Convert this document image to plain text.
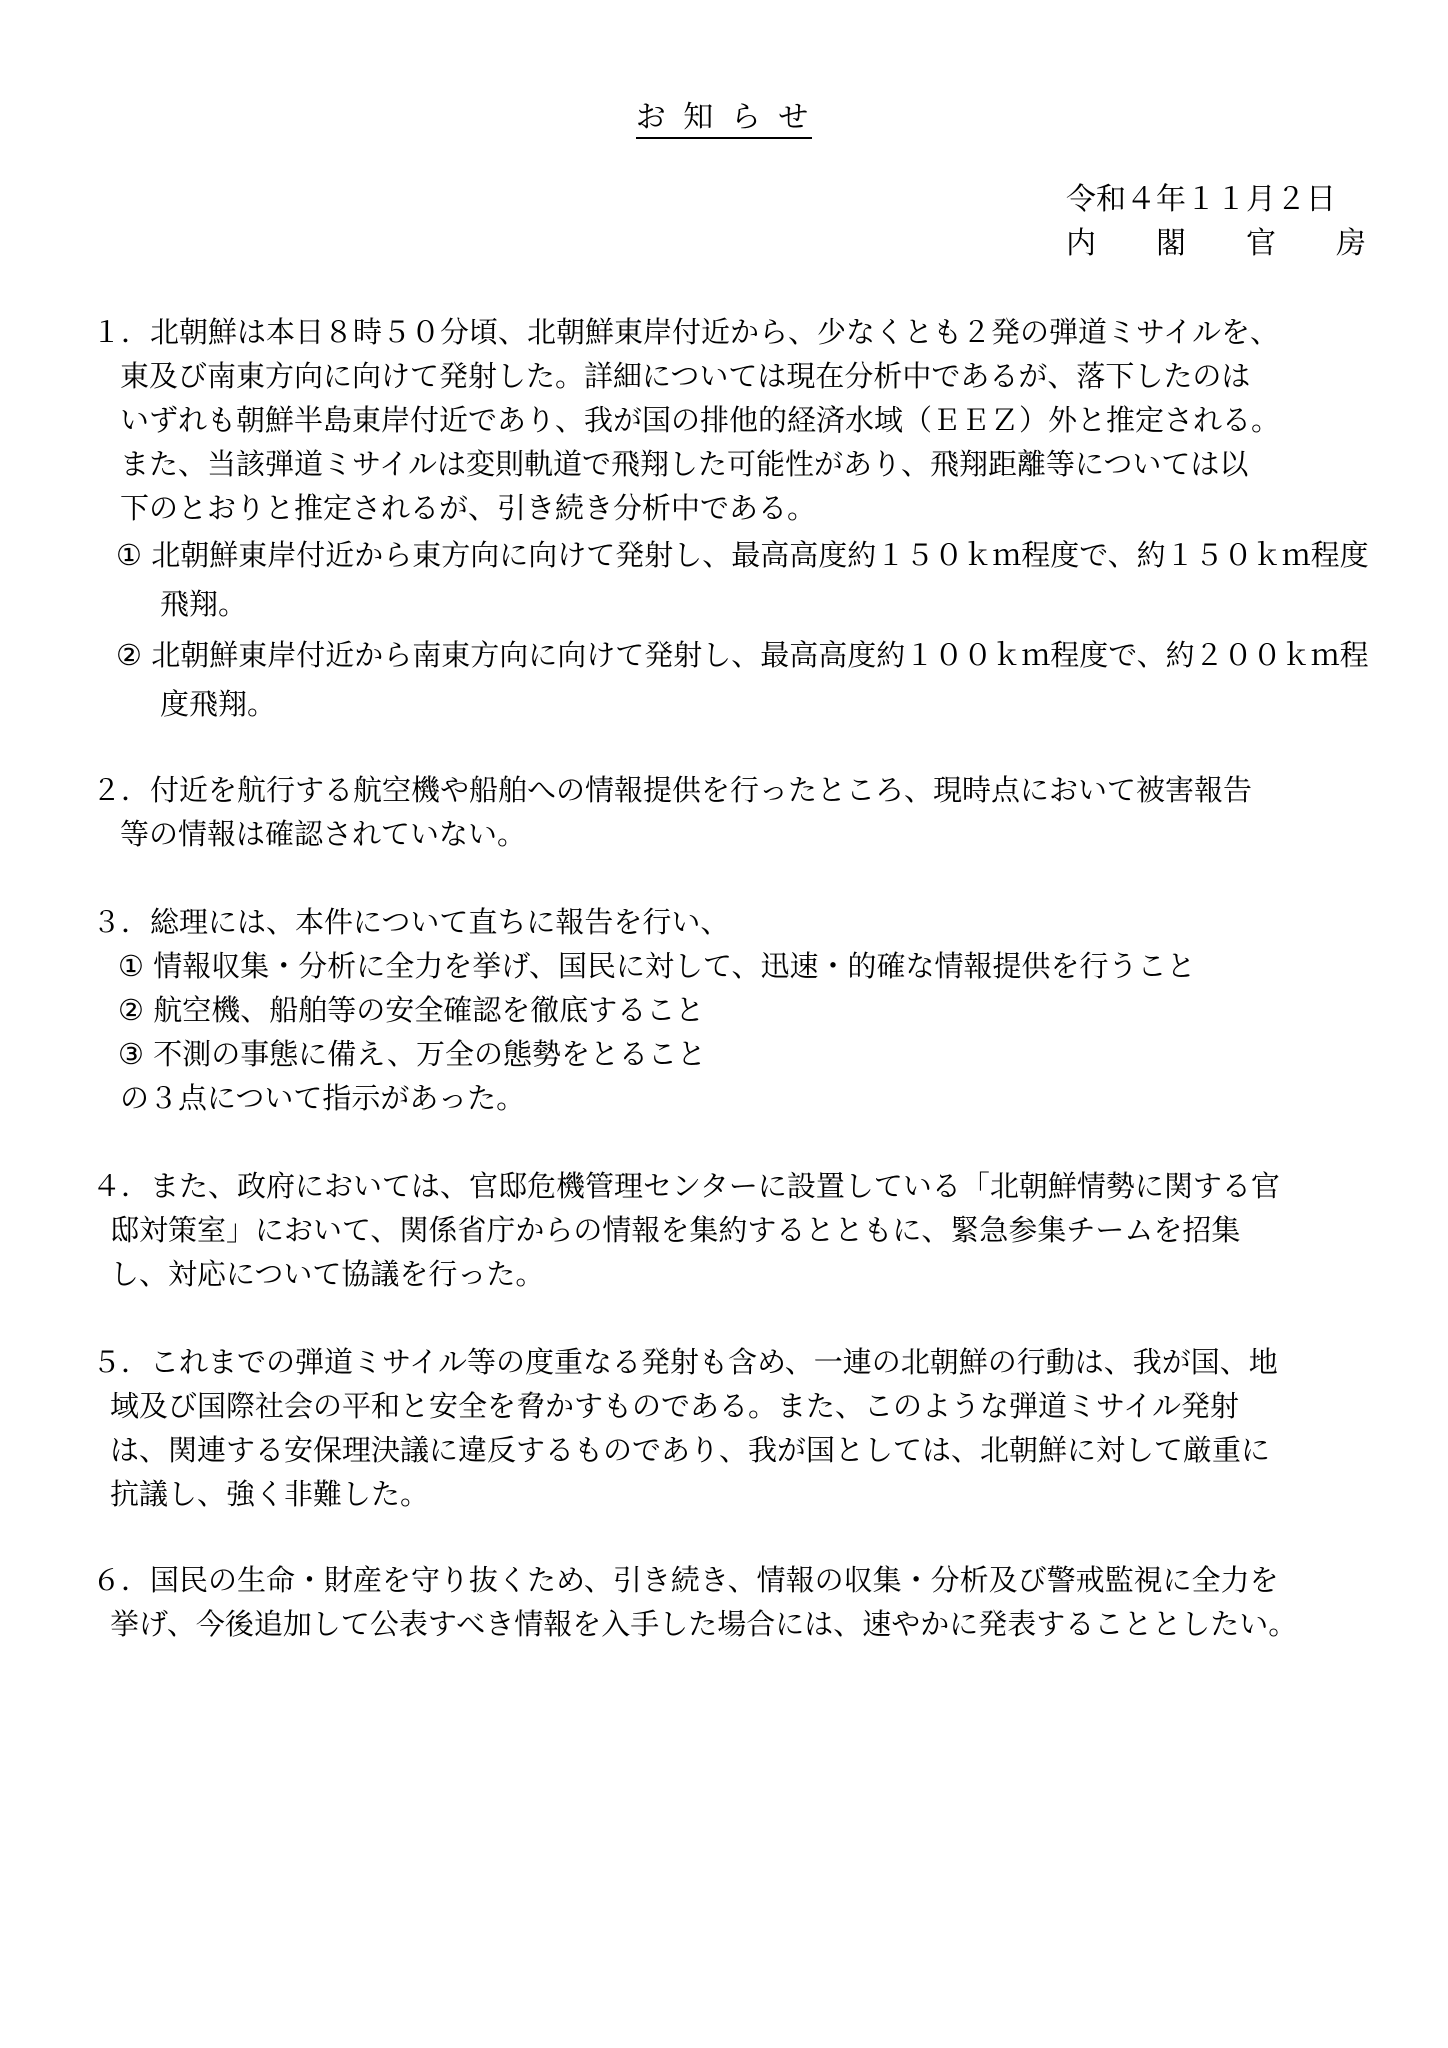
お 知 ら せ
令和４年１１月２日
内　　閣　　官　　房
１．北朝鮮は本日８時５０分頃、北朝鮮東岸付近から、少なくとも２発の弾道ミサイルを、
東及び南東方向に向けて発射した。詳細については現在分析中であるが、落下したのは
いずれも朝鮮半島東岸付近であり、我が国の排他的経済水域（ＥＥＺ）外と推定される。
また、当該弾道ミサイルは変則軌道で飛翔した可能性があり、飛翔距離等については以
下のとおりと推定されるが、引き続き分析中である。
① 北朝鮮東岸付近から東方向に向けて発射し、最高高度約１５０ｋｍ程度で、約１５０ｋｍ程度
飛翔。
② 北朝鮮東岸付近から南東方向に向けて発射し、最高高度約１００ｋｍ程度で、約２００ｋｍ程
度飛翔。
２．付近を航行する航空機や船舶への情報提供を行ったところ、現時点において被害報告
等の情報は確認されていない。
３．総理には、本件について直ちに報告を行い、
① 情報収集・分析に全力を挙げ、国民に対して、迅速・的確な情報提供を行うこと
② 航空機、船舶等の安全確認を徹底すること
③ 不測の事態に備え、万全の態勢をとること
の３点について指示があった。
４．また、政府においては、官邸危機管理センターに設置している「北朝鮮情勢に関する官
邸対策室」において、関係省庁からの情報を集約するとともに、緊急参集チームを招集
し、対応について協議を行った。
５．これまでの弾道ミサイル等の度重なる発射も含め、一連の北朝鮮の行動は、我が国、地
域及び国際社会の平和と安全を脅かすものである。また、このような弾道ミサイル発射
は、関連する安保理決議に違反するものであり、我が国としては、北朝鮮に対して厳重に
抗議し、強く非難した。
６．国民の生命・財産を守り抜くため、引き続き、情報の収集・分析及び警戒監視に全力を
挙げ、今後追加して公表すべき情報を入手した場合には、速やかに発表することとしたい。
